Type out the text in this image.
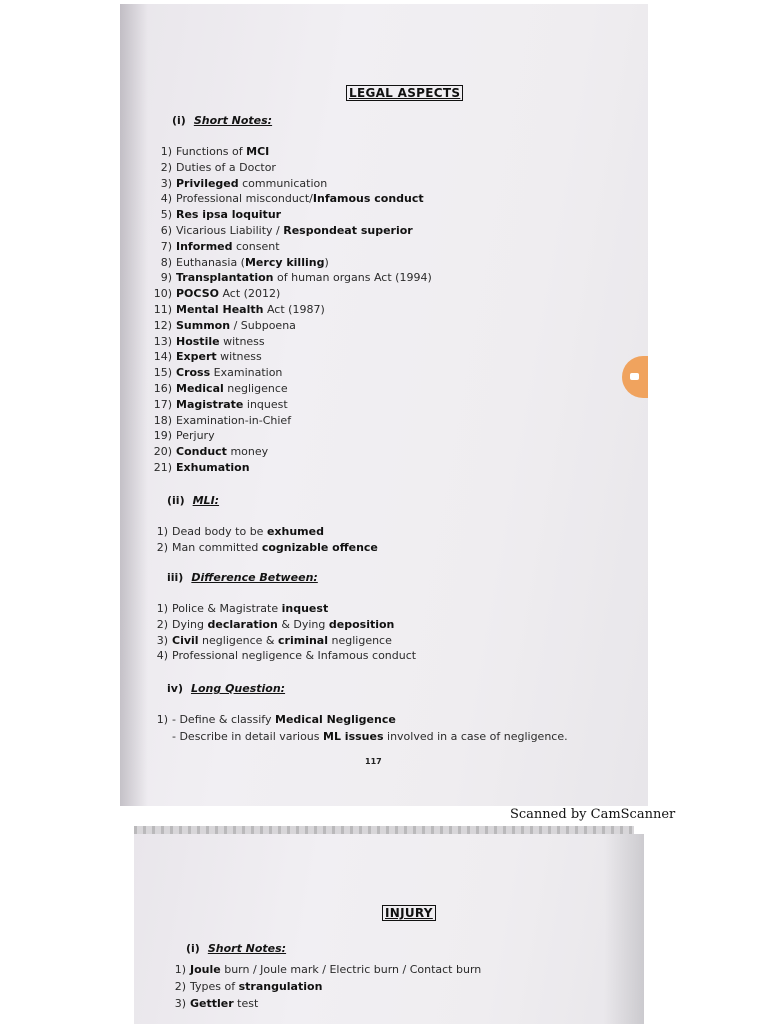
LEGAL ASPECTS
(i) Short Notes:
1) Functions of MCI
2) Duties of a Doctor
3) Privileged communication
4) Professional misconduct/Infamous conduct
5) Res ipsa loquitur
6) Vicarious Liability / Respondeat superior
7) Informed consent
8) Euthanasia (Mercy killing)
9) Transplantation of human organs Act (1994)
10) POCSO Act (2012)
11) Mental Health Act (1987)
12) Summon / Subpoena
13) Hostile witness
14) Expert witness
15) Cross Examination
16) Medical negligence
17) Magistrate inquest
18) Examination-in-Chief
19) Perjury
20) Conduct money
21) Exhumation
(ii) MLI:
1) Dead body to be exhumed
2) Man committed cognizable offence
iii) Difference Between:
1) Police & Magistrate inquest
2) Dying declaration & Dying deposition
3) Civil negligence & criminal negligence
4) Professional negligence & Infamous conduct
iv) Long Question:
1) - Define & classify Medical Negligence
- Describe in detail various ML issues involved in a case of negligence.
117
Scanned by CamScanner
INJURY
(i) Short Notes:
1) Joule burn / Joule mark / Electric burn / Contact burn
2) Types of strangulation
3) Gettler test
